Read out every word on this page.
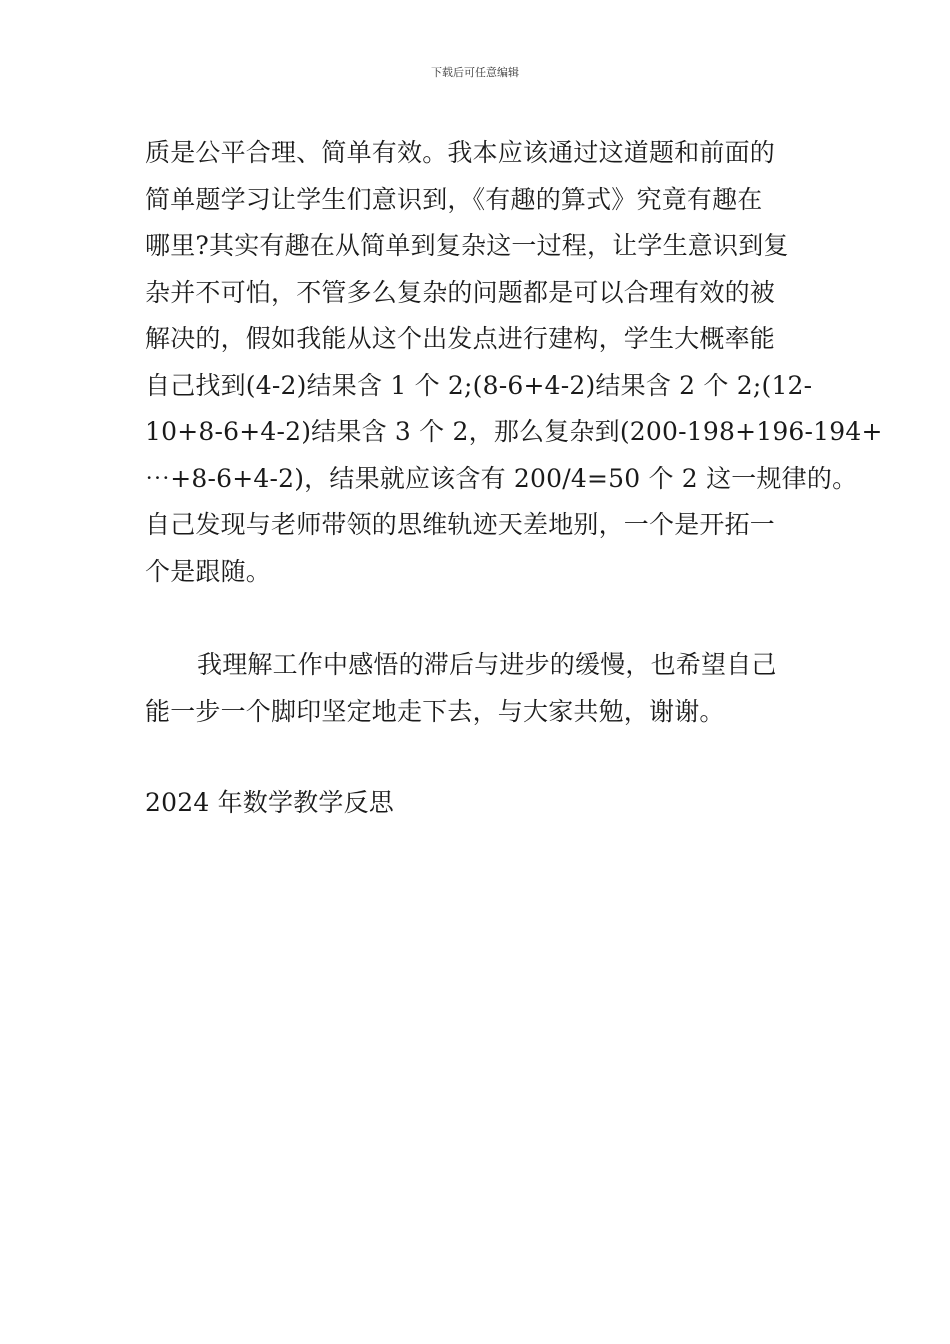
下载后可任意编辑
质是公平合理、简单有效。我本应该通过这道题和前面的
简单题学习让学生们意识到，《有趣的算式》究竟有趣在
哪里?其实有趣在从简单到复杂这一过程，让学生意识到复
杂并不可怕，不管多么复杂的问题都是可以合理有效的被
解决的，假如我能从这个出发点进行建构，学生大概率能
自己找到(4-2)结果含 1 个 2;(8-6+4-2)结果含 2 个 2;(12-
10+8-6+4-2)结果含 3 个 2，那么复杂到(200-198+196-194+
⋯+8-6+4-2)，结果就应该含有 200/4=50 个 2 这一规律的。
自己发现与老师带领的思维轨迹天差地别，一个是开拓一
个是跟随。
我理解工作中感悟的滞后与进步的缓慢，也希望自己
能一步一个脚印坚定地走下去，与大家共勉，谢谢。
2024 年数学教学反思
